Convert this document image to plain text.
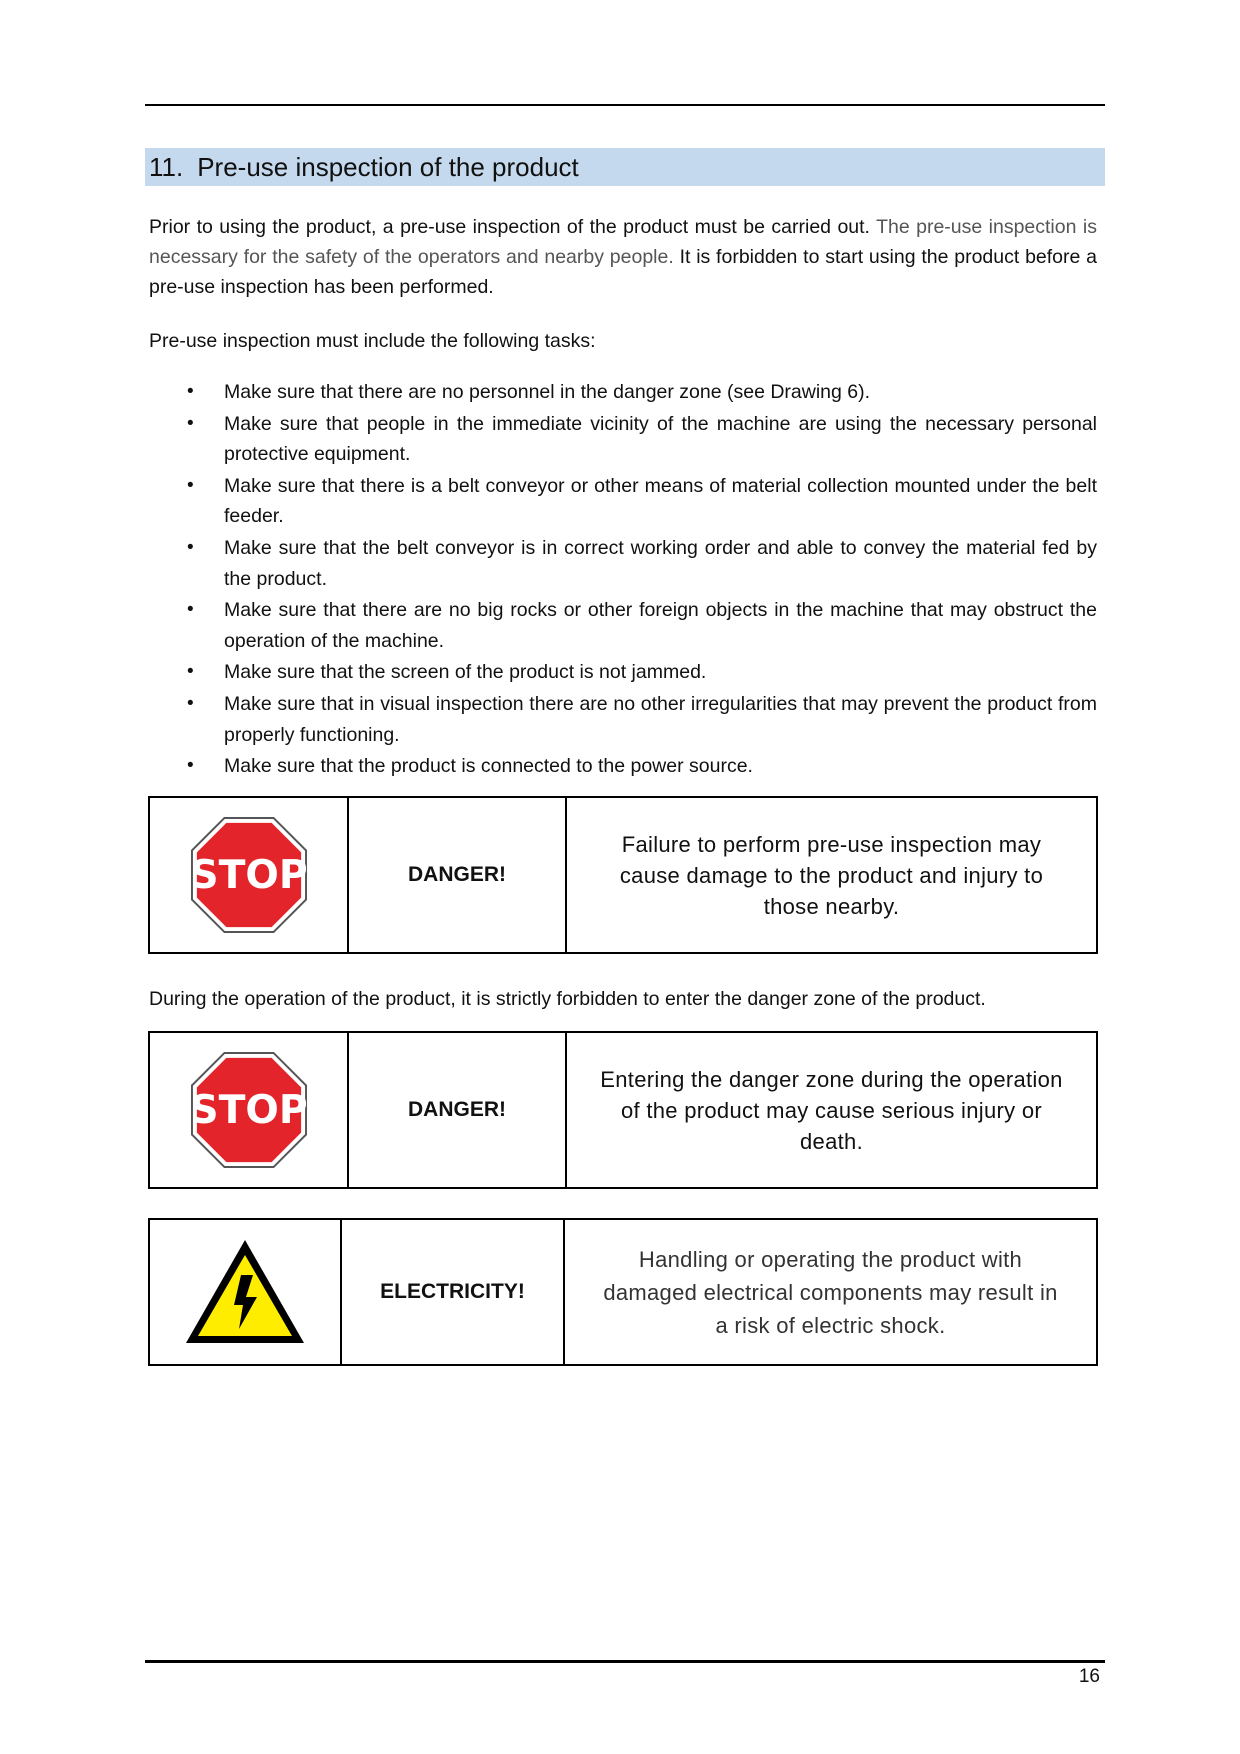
11. Pre-use inspection of the product

Prior to using the product, a pre-use inspection of the product must be carried out. The pre-use inspection is necessary for the safety of the operators and nearby people. It is forbidden to start using the product before a pre-use inspection has been performed.

Pre-use inspection must include the following tasks:

• Make sure that there are no personnel in the danger zone (see Drawing 6).
• Make sure that people in the immediate vicinity of the machine are using the necessary personal protective equipment.
• Make sure that there is a belt conveyor or other means of material collection mounted under the belt feeder.
• Make sure that the belt conveyor is in correct working order and able to convey the material fed by the product.
• Make sure that there are no big rocks or other foreign objects in the machine that may obstruct the operation of the machine.
• Make sure that the screen of the product is not jammed.
• Make sure that in visual inspection there are no other irregularities that may prevent the product from properly functioning.
• Make sure that the product is connected to the power source.
STOP	DANGER!
Failure to perform pre-use inspection may cause damage to the product and injury to those nearby.

During the operation of the product, it is strictly forbidden to enter the danger zone of the product.

STOP	DANGER!
Entering the danger zone during the operation of the product may cause serious injury or death.
ELECTRICITY!
Handling or operating the product with damaged electrical components may result in a risk of electric shock.
16
